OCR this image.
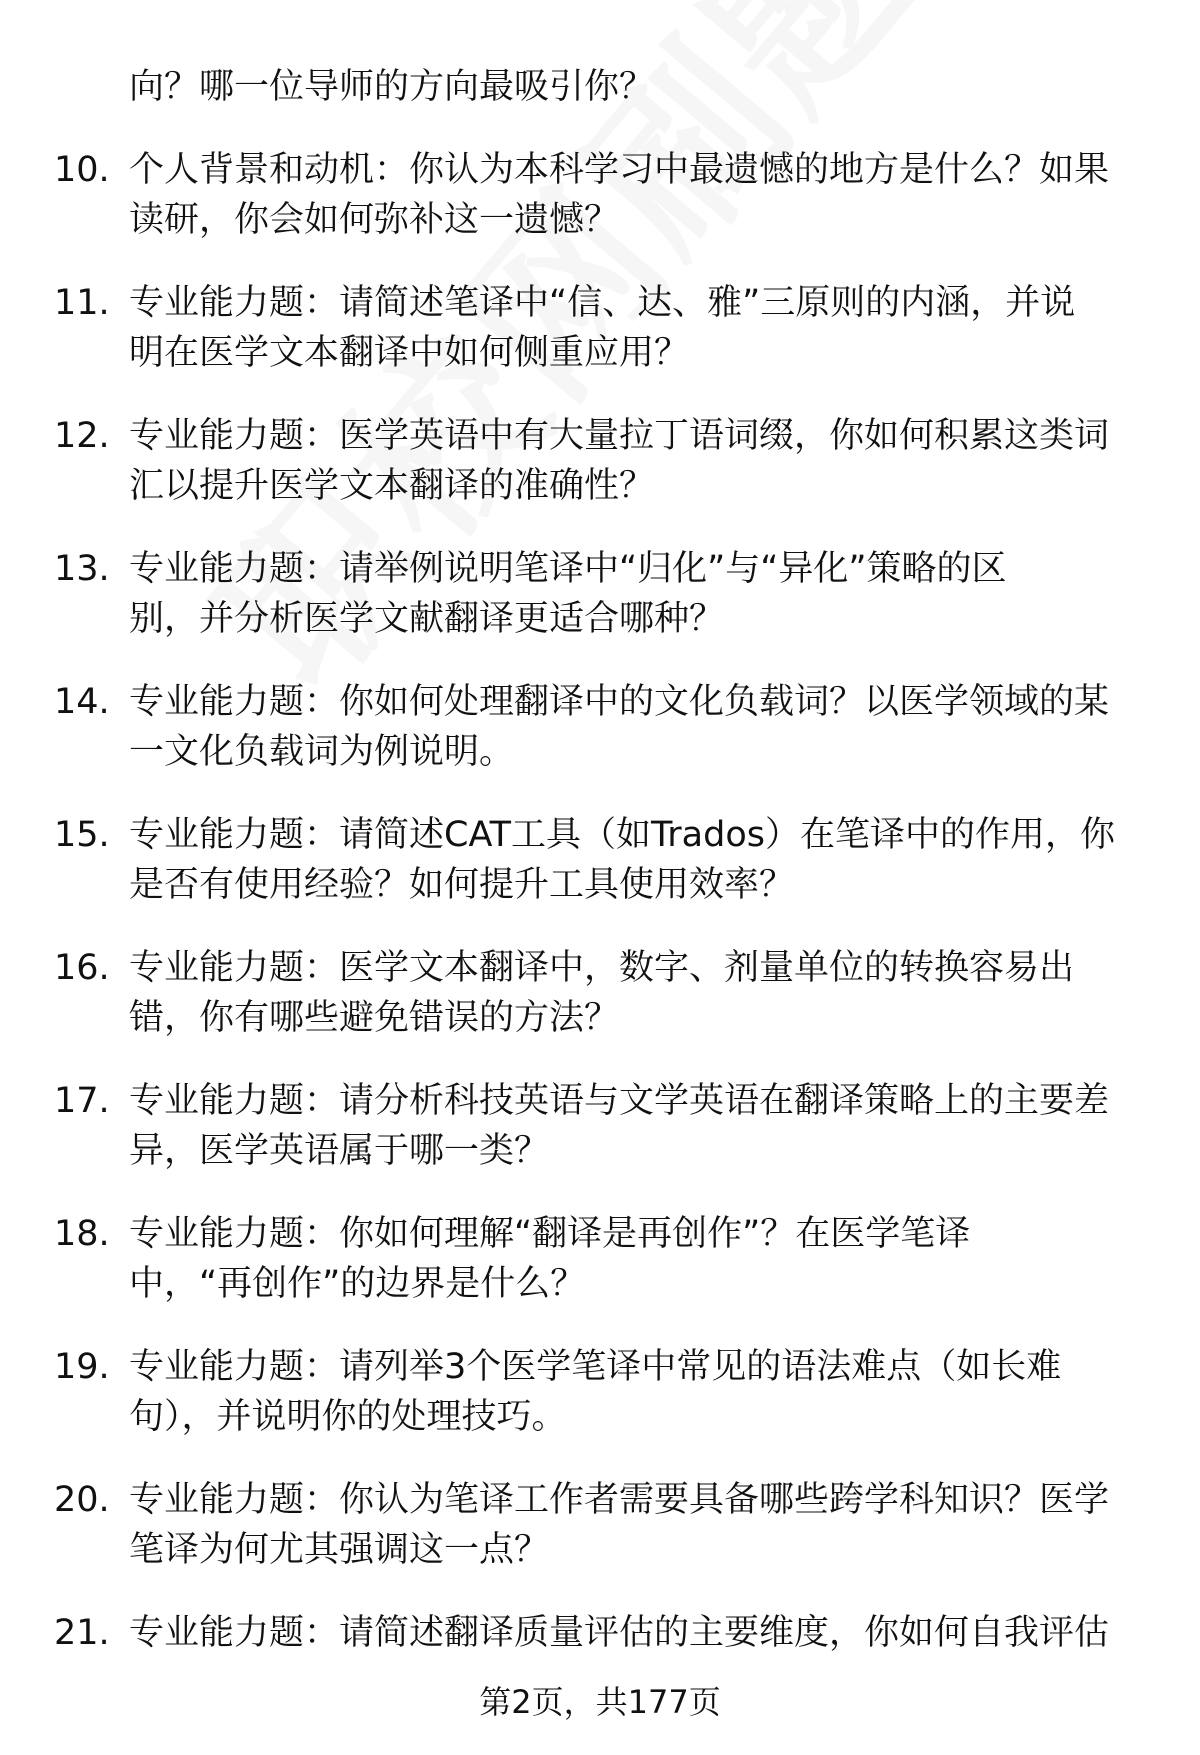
向？哪一位导师的方向最吸引你？
10. 个人背景和动机：你认为本科学习中最遗憾的地方是什么？如果
读研，你会如何弥补这一遗憾？
11. 专业能力题：请简述笔译中“信、达、雅”三原则的内涵，并说
明在医学文本翻译中如何侧重应用？
12. 专业能力题：医学英语中有大量拉丁语词缀，你如何积累这类词
汇以提升医学文本翻译的准确性？
13. 专业能力题：请举例说明笔译中“归化”与“异化”策略的区
别，并分析医学文献翻译更适合哪种？
14. 专业能力题：你如何处理翻译中的文化负载词？以医学领域的某
一文化负载词为例说明。
15. 专业能力题：请简述CAT工具（如Trados）在笔译中的作用，你
是否有使用经验？如何提升工具使用效率？
16. 专业能力题：医学文本翻译中，数字、剂量单位的转换容易出
错，你有哪些避免错误的方法？
17. 专业能力题：请分析科技英语与文学英语在翻译策略上的主要差
异，医学英语属于哪一类？
18. 专业能力题：你如何理解“翻译是再创作”？在医学笔译
中，“再创作”的边界是什么？
19. 专业能力题：请列举3个医学笔译中常见的语法难点（如长难
句），并说明你的处理技巧。
20. 专业能力题：你认为笔译工作者需要具备哪些跨学科知识？医学
笔译为何尤其强调这一点？
21. 专业能力题：请简述翻译质量评估的主要维度，你如何自我评估
第2页，共177页
